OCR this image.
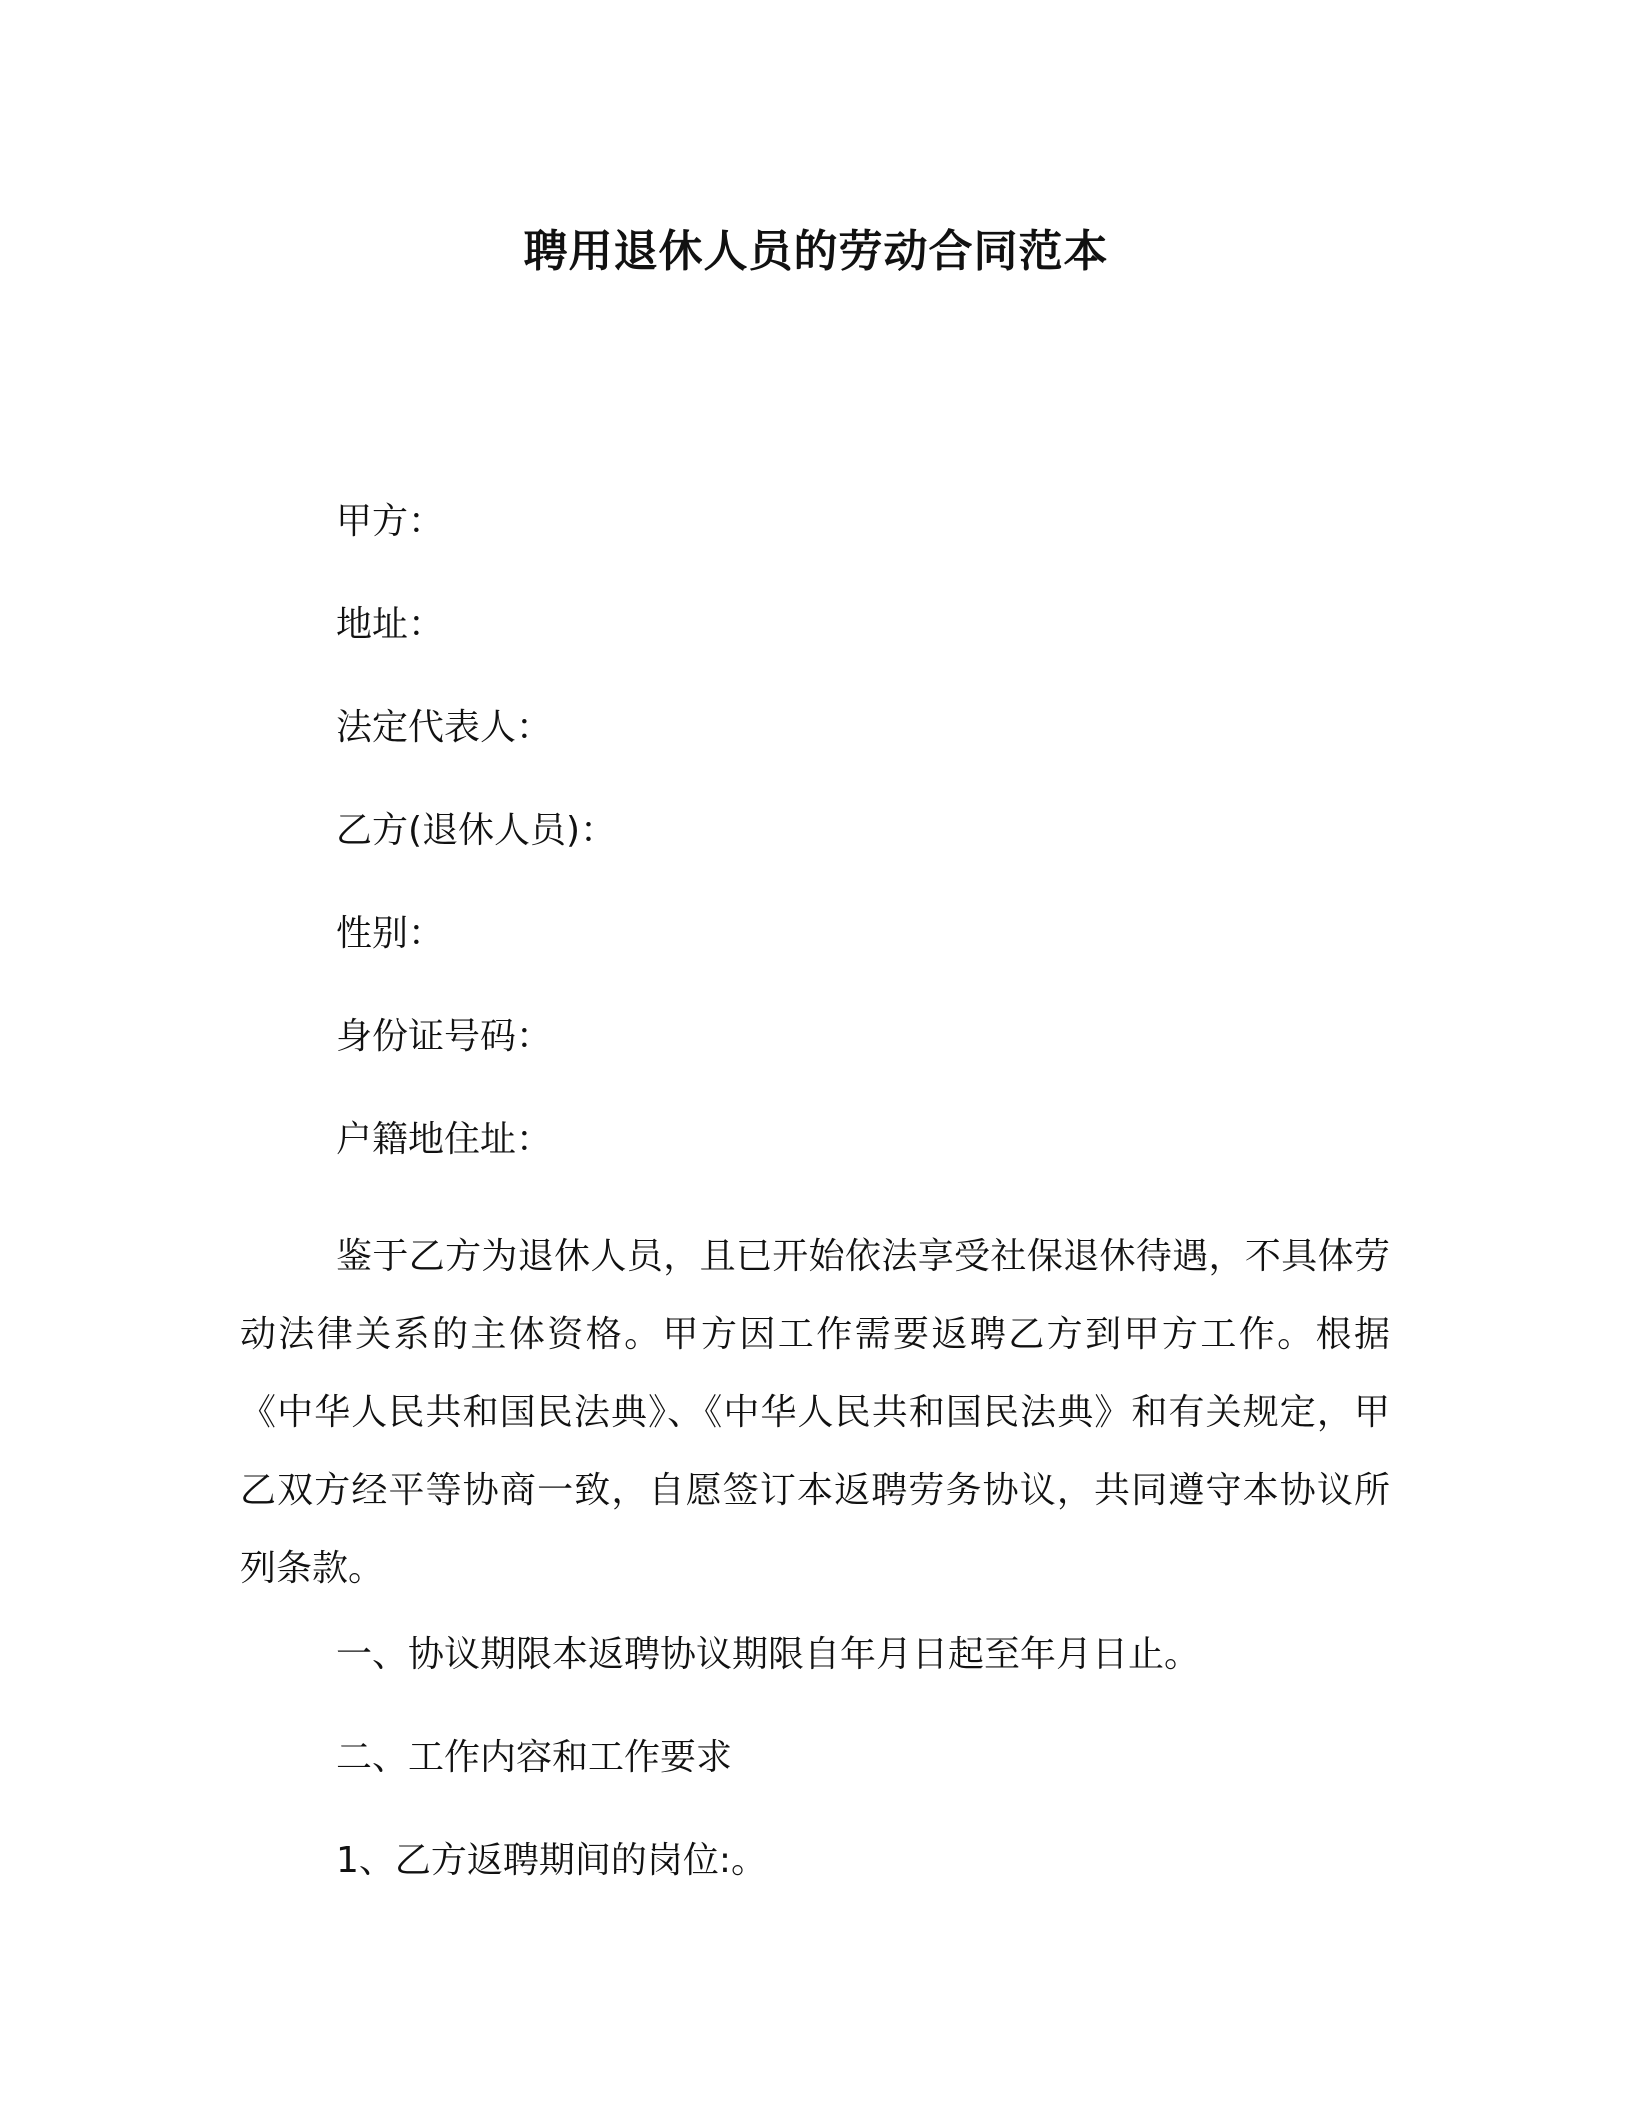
聘用退休人员的劳动合同范本
甲方：
地址：
法定代表人：
乙方(退休人员)：
性别：
身份证号码：
户籍地住址：
鉴于乙方为退休人员，且已开始依法享受社保退休待遇，不具体劳动法律关系的主体资格。甲方因工作需要返聘乙方到甲方工作。根据《中华人民共和国民法典》、《中华人民共和国民法典》和有关规定，甲乙双方经平等协商一致，自愿签订本返聘劳务协议，共同遵守本协议所列条款。
一、协议期限本返聘协议期限自年月日起至年月日止。
二、工作内容和工作要求
1、乙方返聘期间的岗位:。
